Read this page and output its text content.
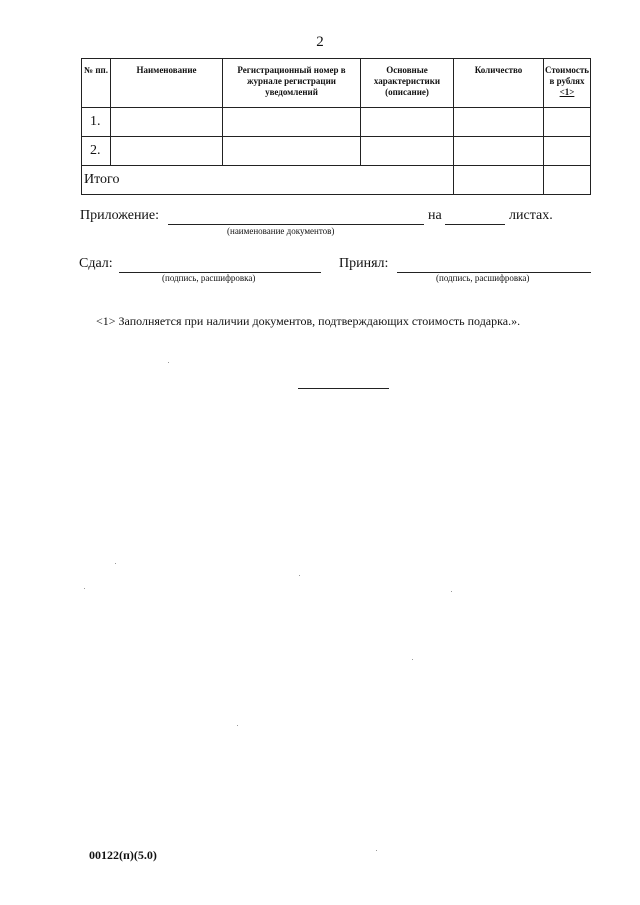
2
№ пп.	Наименование	Регистрационный номер в журнале регистрации уведомлений	Основные характеристики (описание)	Количество	Стоимость в рублях <1>
1.					
2.					
Итого					
Приложение:	на	листах.
(наименование документов)
Сдал:
(подпись, расшифровка)
Принял:
(подпись, расшифровка)
<1> Заполняется при наличии документов, подтверждающих стоимость подарка.».
00122(п)(5.0)
